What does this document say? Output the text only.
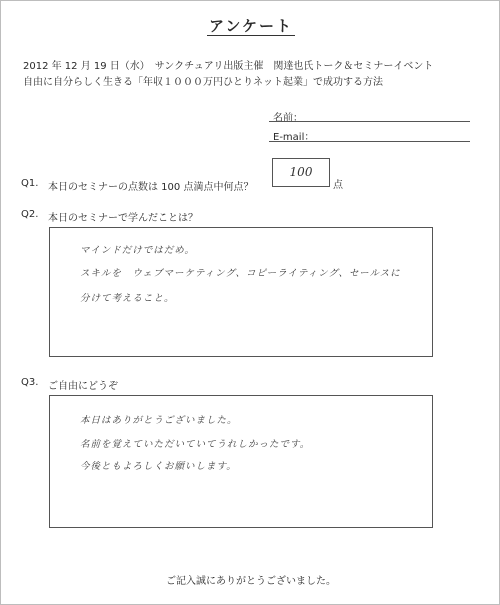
アンケート
2012 年 12 月 19 日（水）　サンクチュアリ出版主催　関達也氏トーク＆セミナーイベント
自由に自分らしく生きる「年収１０００万円ひとりネット起業」で成功する方法
名前：
E-mail：
Q1. 本日のセミナーの点数は 100 点満点中何点？
100
点
Q2. 本日のセミナーで学んだことは？
マインドだけではだめ。
スキルを　ウェブマーケティング、コピーライティング、セールスに
分けて考えること。
Q3. ご自由にどうぞ
本日はありがとうございました。
名前を覚えていただいていてうれしかったです。
今後ともよろしくお願いします。
ご記入誠にありがとうございました。
